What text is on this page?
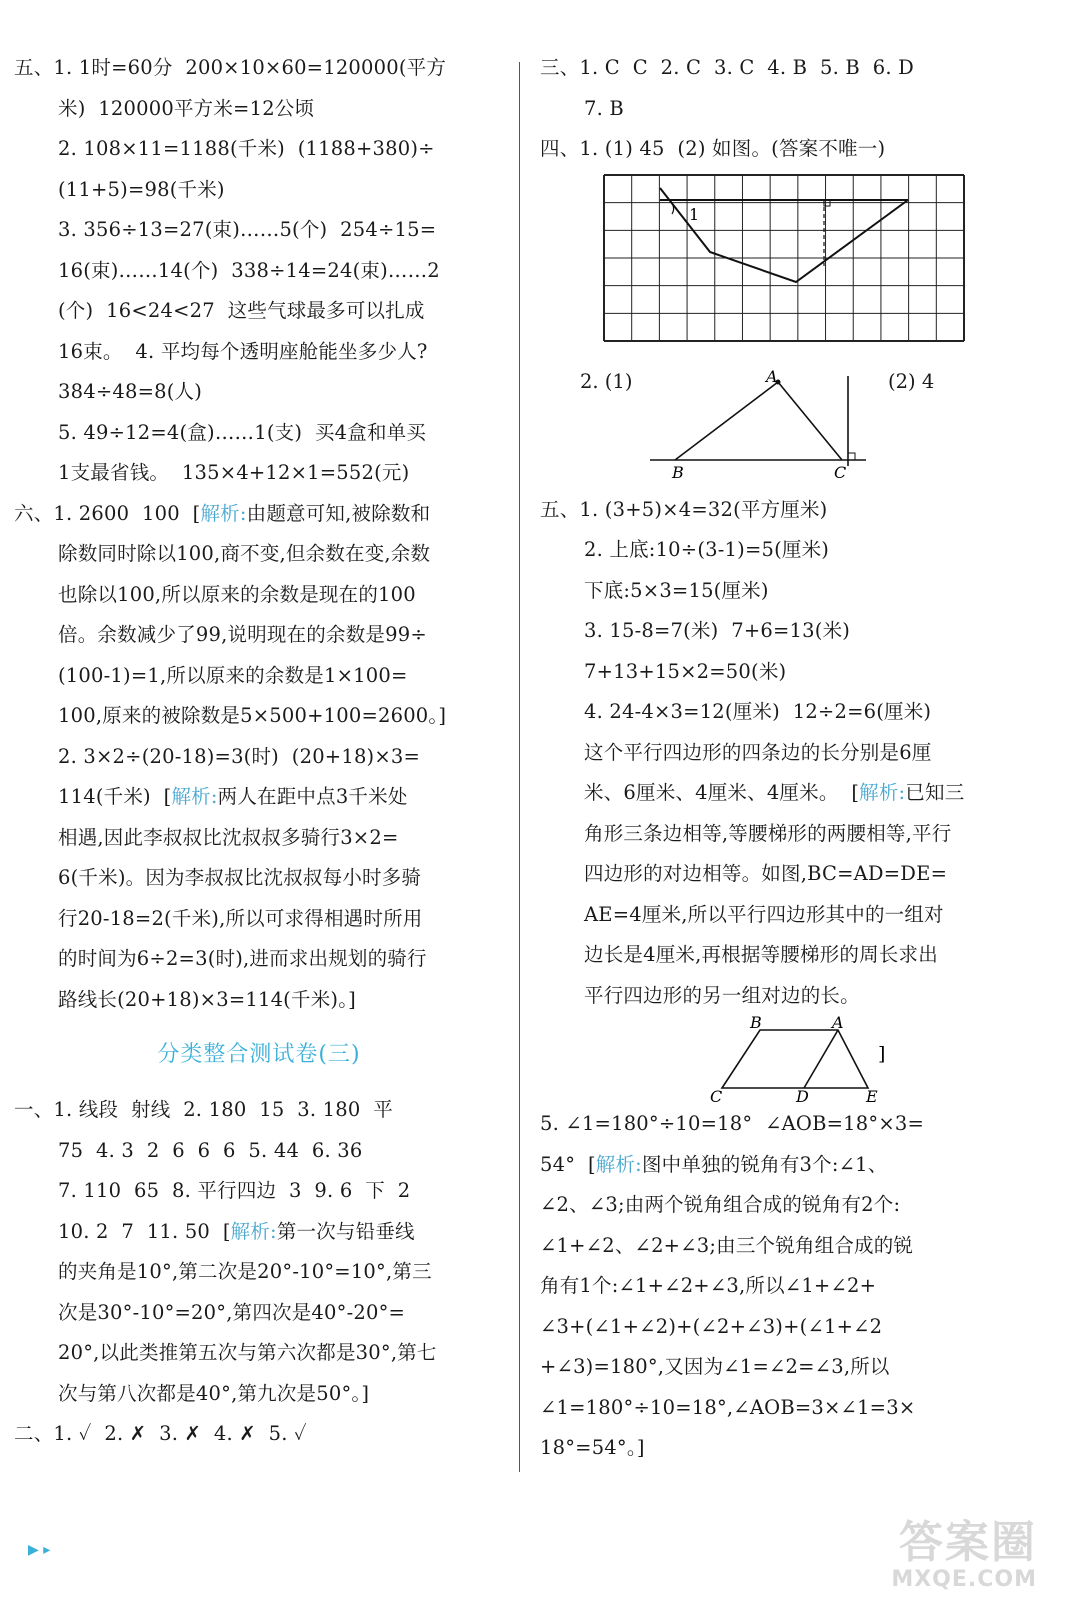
五、1. 1时=60分  200×10×60=120000(平方
米)  120000平方米=12公顷
2. 108×11=1188(千米)  (1188+380)÷
(11+5)=98(千米)
3. 356÷13=27(束)……5(个)  254÷15=
16(束)……14(个)  338÷14=24(束)……2
(个)  16<24<27  这些气球最多可以扎成
16束。  4. 平均每个透明座舱能坐多少人?
384÷48=8(人)
5. 49÷12=4(盒)……1(支)  买4盒和单买
1支最省钱。  135×4+12×1=552(元)
六、1. 2600  100  [解析:由题意可知,被除数和
除数同时除以100,商不变,但余数在变,余数
也除以100,所以原来的余数是现在的100
倍。余数减少了99,说明现在的余数是99÷
(100-1)=1,所以原来的余数是1×100=
100,原来的被除数是5×500+100=2600。]
2. 3×2÷(20-18)=3(时)  (20+18)×3=
114(千米)  [解析:两人在距中点3千米处
相遇,因此李叔叔比沈叔叔多骑行3×2=
6(千米)。因为李叔叔比沈叔叔每小时多骑
行20-18=2(千米),所以可求得相遇时所用
的时间为6÷2=3(时),进而求出规划的骑行
路线长(20+18)×3=114(千米)。]
分类整合测试卷(三)
一、1. 线段  射线  2. 180  15  3. 180  平
75  4. 3  2  6  6  6  5. 44  6. 36
7. 110  65  8. 平行四边  3  9. 6  下  2
10. 2  7  11. 50  [解析:第一次与铅垂线
的夹角是10°,第二次是20°-10°=10°,第三
次是30°-10°=20°,第四次是40°-20°=
20°,以此类推第五次与第六次都是30°,第七
次与第八次都是40°,第九次是50°。]
二、1. ✓  2. ✗  3. ✗  4. ✗  5. ✓
三、1. C  C  2. C  3. C  4. B  5. B  6. D
7. B
四、1. (1) 45  (2) 如图。(答案不唯一)
1
2. (1)	(2) 4
A
B	C
五、1. (3+5)×4=32(平方厘米)
2. 上底:10÷(3-1)=5(厘米)
下底:5×3=15(厘米)
3. 15-8=7(米)  7+6=13(米)
7+13+15×2=50(米)
4. 24-4×3=12(厘米)  12÷2=6(厘米)
这个平行四边形的四条边的长分别是6厘
米、6厘米、4厘米、4厘米。  [解析:已知三
角形三条边相等,等腰梯形的两腰相等,平行
四边形的对边相等。如图,BC=AD=DE=
AE=4厘米,所以平行四边形其中的一组对
边长是4厘米,再根据等腰梯形的周长求出
平行四边形的另一组对边的长。
B	A
C	D	E
]
5. ∠1=180°÷10=18°  ∠AOB=18°×3=
54°  [解析:图中单独的锐角有3个:∠1、
∠2、∠3;由两个锐角组合成的锐角有2个:
∠1+∠2、∠2+∠3;由三个锐角组合成的锐
角有1个:∠1+∠2+∠3,所以∠1+∠2+
∠3+(∠1+∠2)+(∠2+∠3)+(∠1+∠2
+∠3)=180°,又因为∠1=∠2=∠3,所以
∠1=180°÷10=18°,∠AOB=3×∠1=3×
18°=54°。]
▶ ▸	答案圈
MXQE.COM
